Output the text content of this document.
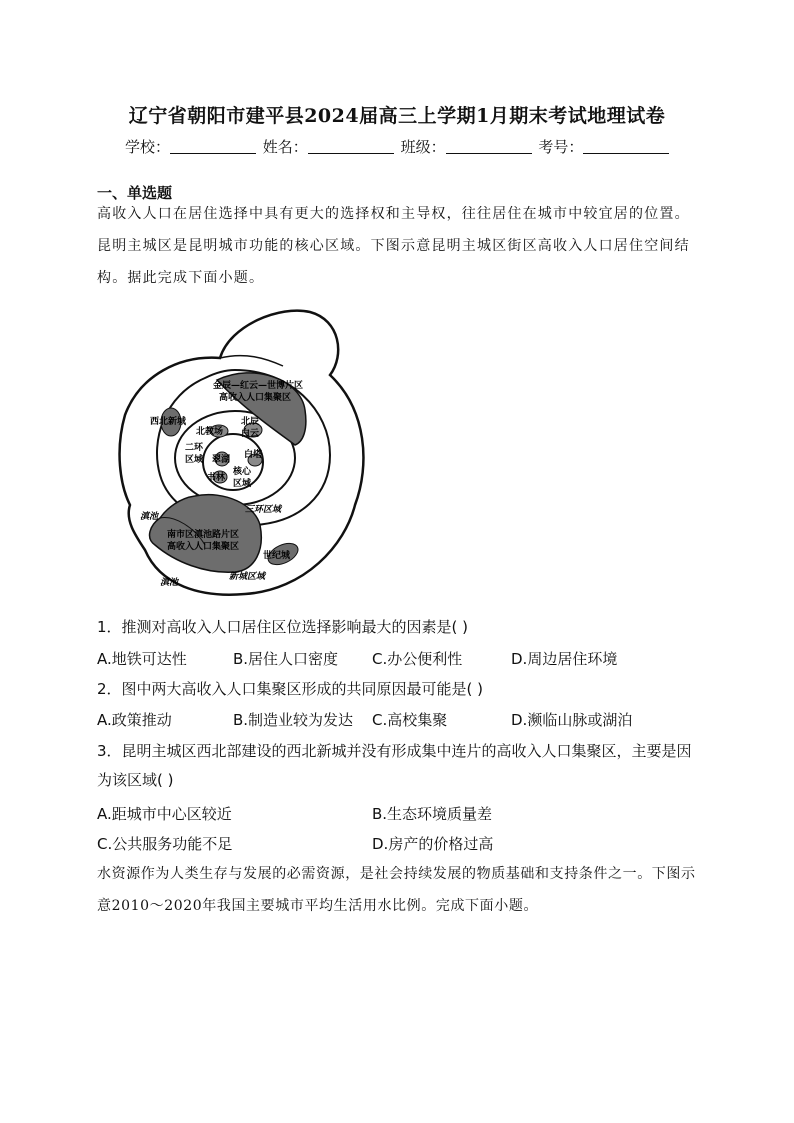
辽宁省朝阳市建平县2024届高三上学期1月期末考试地理试卷
学校：	姓名：	班级：	考号：
一、单选题

高收入人口在居住选择中具有更大的选择权和主导权，往往居住在城市中较宜居的位置。昆明主城区是昆明城市功能的核心区域。下图示意昆明主城区街区高收入人口居住空间结构。据此完成下面小题。

金辰—红云—世博片区
高收入人口集聚区
西北新城	北辰
白云
北教场
二环
区域 翠湖 白塔
书林
核心
区域
三环区域
滇池
南市区滇池路片区
高收入人口集聚区
世纪城
新城区域
滇池
1．推测对高收入人口居住区位选择影响最大的因素是( )
A.地铁可达性	B.居住人口密度 C.办公便利性	D.周边居住环境
2．图中两大高收入人口集聚区形成的共同原因最可能是( )
A.政策推动	B.制造业较为发达 C.高校集聚	D.濒临山脉或湖泊
3．昆明主城区西北部建设的西北新城并没有形成集中连片的高收入人口集聚区，主要是因为该区域( )
A.距城市中心区较近	B.生态环境质量差
C.公共服务功能不足	D.房产的价格过高

水资源作为人类生存与发展的必需资源，是社会持续发展的物质基础和支持条件之一。下图示意2010～2020年我国主要城市平均生活用水比例。完成下面小题。
